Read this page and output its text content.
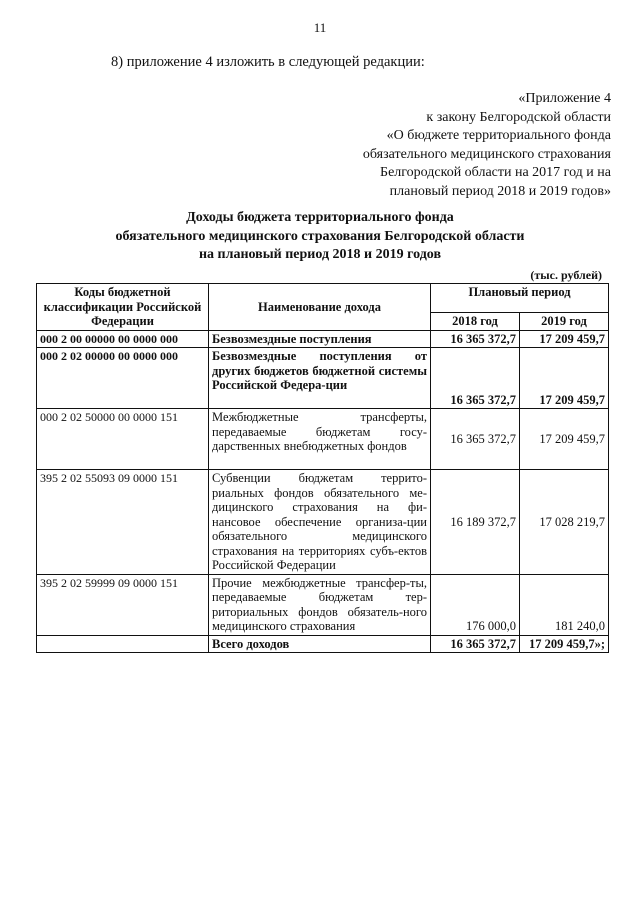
11
8) приложение 4 изложить в следующей редакции:
«Приложение 4
к закону Белгородской области
«О бюджете территориального фонда
обязательного медицинского страхования
Белгородской области на 2017 год и на
плановый период 2018 и 2019 годов»
Доходы бюджета территориального фонда
обязательного медицинского страхования Белгородской области
на плановый период 2018 и 2019 годов
(тыс. рублей)
Коды бюджетной классификации Российской Федерации	Наименование дохода	Плановый период	
		2018 год	2019 год
000 2 00 00000 00 0000 000	Безвозмездные поступления	16 365 372,7	17 209 459,7
000 2 02 00000 00 0000 000	Безвозмездные поступления от других бюджетов бюджетной системы Российской Федера-ции	16 365 372,7	17 209 459,7
000 2 02 50000 00 0000 151	Межбюджетные трансферты, передаваемые бюджетам госу-дарственных внебюджетных фондов	16 365 372,7	17 209 459,7
395 2 02 55093 09 0000 151	Субвенции бюджетам террито-риальных фондов обязательного ме-дицинского страхования на фи-нансовое обеспечение организа-ции обязательного медицинского страхования на территориях субъ-ектов Российской Федерации	16 189 372,7	17 028 219,7
395 2 02 59999 09 0000 151	Прочие межбюджетные трансфер-ты, передаваемые бюджетам тер-риториальных фондов обязатель-ного медицинского страхования	176 000,0	181 240,0
	Всего доходов	16 365 372,7	17 209 459,7»;
